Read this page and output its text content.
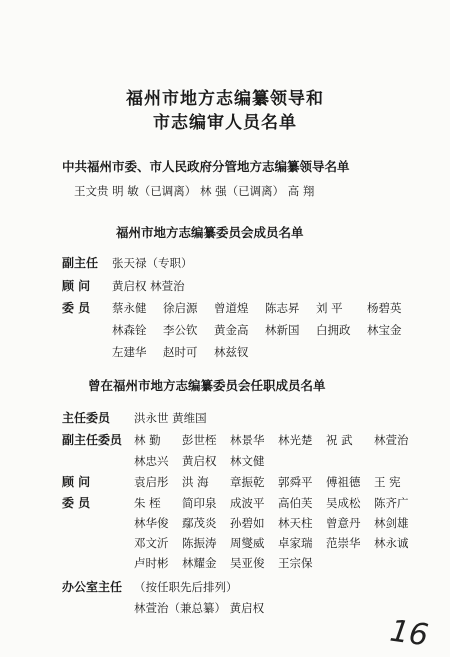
福州市地方志编纂领导和
市志编审人员名单
中共福州市委、市人民政府分管地方志编纂领导名单
王文贵 明 敏（已调离） 林 强（已调离） 高 翔
福州市地方志编纂委员会成员名单
副主任 张天禄（专职）
顾 问 黄启权 林萱治
委 员 蔡永健	徐启源	曾道煌	陈志昇	刘 平	杨碧英
林森铨	李公钦	黄金高	林新国	白拥政	林宝金
左建华	赵时可	林兹钗
曾在福州市地方志编纂委员会任职成员名单
主任委员 洪永世 黄维国
副主任委员 林 勤	彭世桎	林景华	林光楚	祝 武	林萱治
林忠兴	黄启权	林文健
顾 问	袁启彤	洪 海	章振乾	郭舜平	傅祖德	王 宪
委 员	朱 桎	简印泉	成波平	高伯芙	吴成松	陈齐广
林华俊	鄢茂炎	孙碧如	林天柱	曾意丹	林剑雄
邓文沂	陈振涛	周燮威	卓家瑞	范崇华	林永诚
卢时彬	林耀金	吴亚俊	王宗保
办公室主任 （按任职先后排列）
林萱治（兼总纂） 黄启权
16
